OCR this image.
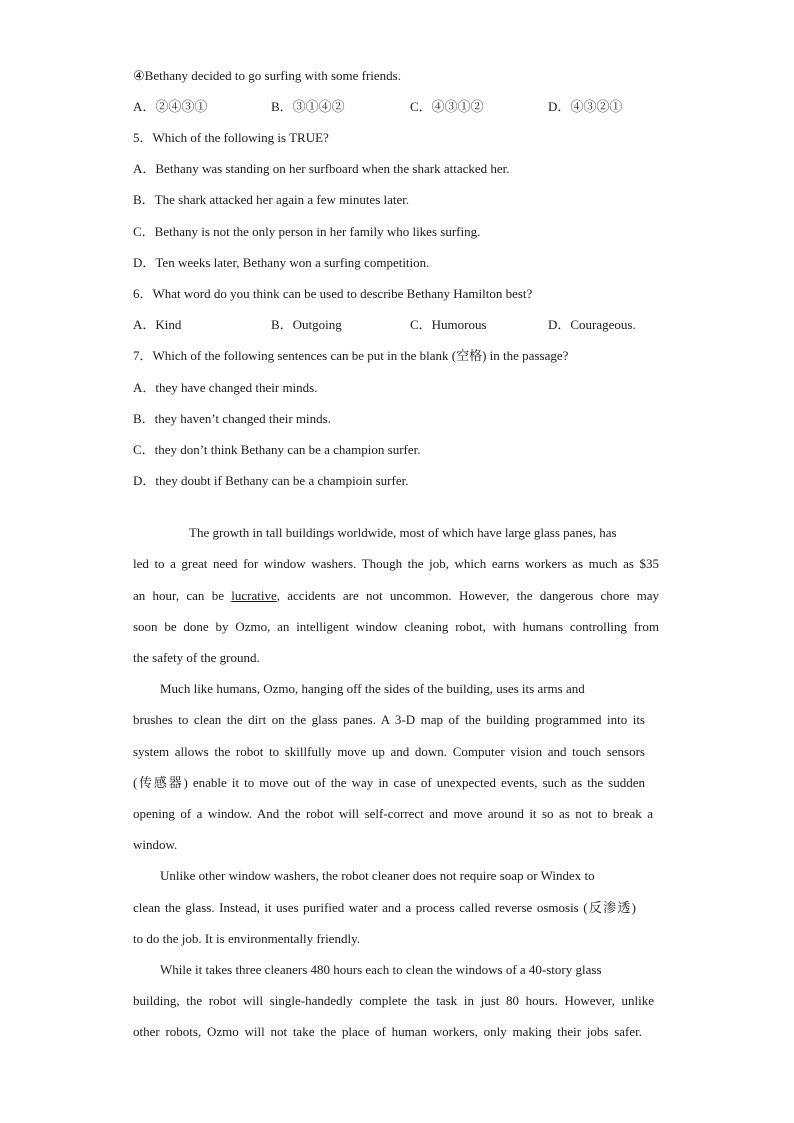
④Bethany decided to go surfing with some friends.
A．②④③①	B．③①④②	C．④③①②	D．④③②①
5．Which of the following is TRUE?
A．Bethany was standing on her surfboard when the shark attacked her.
B．The shark attacked her again a few minutes later.
C．Bethany is not the only person in her family who likes surfing.
D．Ten weeks later, Bethany won a surfing competition.
6．What word do you think can be used to describe Bethany Hamilton best?
A．Kind	B．Outgoing	C．Humorous	D．Courageous.
7．Which of the following sentences can be put in the blank (空格) in the passage?
A．they have changed their minds.
B．they haven’t changed their minds.
C．they don’t think Bethany can be a champion surfer.
D．they doubt if Bethany can be a champioin surfer.
The growth in tall buildings worldwide, most of which have large glass panes, has
led to a great need for window washers. Though the job, which earns workers as much as $35
an hour, can be lucrative, accidents are not uncommon. However, the dangerous chore may
soon be done by Ozmo, an intelligent window cleaning robot, with humans controlling from
the safety of the ground.
Much like humans, Ozmo, hanging off the sides of the building, uses its arms and
brushes to clean the dirt on the glass panes. A 3-D map of the building programmed into its
system allows the robot to skillfully move up and down. Computer vision and touch sensors
(传感器) enable it to move out of the way in case of unexpected events, such as the sudden
opening of a window. And the robot will self-correct and move around it so as not to break a
window.
Unlike other window washers, the robot cleaner does not require soap or Windex to
clean the glass. Instead, it uses purified water and a process called reverse osmosis (反渗透)
to do the job. It is environmentally friendly.
While it takes three cleaners 480 hours each to clean the windows of a 40-story glass
building, the robot will single-handedly complete the task in just 80 hours. However, unlike
other robots, Ozmo will not take the place of human workers, only making their jobs safer.
